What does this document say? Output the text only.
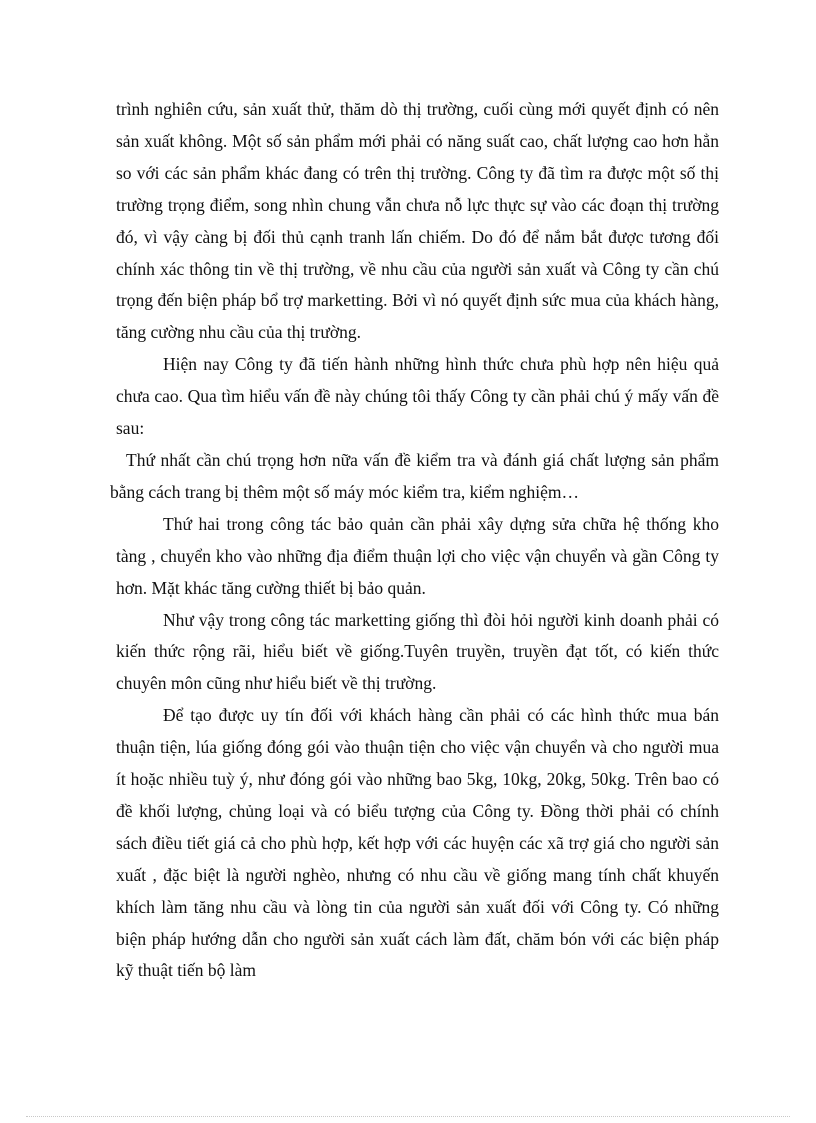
trình nghiên cứu, sản xuất thử, thăm dò thị trường, cuối cùng mới quyết định có nên sản xuất không. Một số sản phẩm mới phải có năng suất cao, chất lượng cao hơn hẳn so với các sản phẩm khác đang có trên thị trường. Công ty đã tìm ra được một số thị trường trọng điểm, song nhìn chung vẫn chưa nỗ lực thực sự vào các đoạn thị trường đó, vì vậy càng bị đối thủ cạnh tranh lấn chiếm. Do đó để nắm bắt được tương đối chính xác thông tin về thị trường, về nhu cầu của người sản xuất và Công ty cần chú trọng đến biện pháp bổ trợ marketting. Bởi vì nó quyết định sức mua của khách hàng, tăng cường nhu cầu của thị trường.

Hiện nay Công ty đã tiến hành những hình thức chưa phù hợp nên hiệu quả chưa cao. Qua tìm hiểu vấn đề này chúng tôi thấy Công ty cần phải chú ý mấy vấn đề sau:

Thứ nhất cần chú trọng hơn nữa vấn đề kiểm tra và đánh giá chất lượng sản phẩm bằng cách trang bị thêm một số máy móc kiểm tra, kiểm nghiệm…

Thứ hai trong công tác bảo quản cần phải xây dựng sửa chữa hệ thống kho tàng , chuyển kho vào những địa điểm thuận lợi cho việc vận chuyển và gần Công ty hơn. Mặt khác tăng cường thiết bị bảo quản.

Như vậy trong công tác marketting giống thì đòi hỏi người kinh doanh phải có kiến thức rộng rãi, hiểu biết về giống.Tuyên truyền, truyền đạt tốt, có kiến thức chuyên môn cũng như hiểu biết về thị trường.

Để tạo được uy tín đối với khách hàng cần phải có các hình thức mua bán thuận tiện, lúa giống đóng gói vào thuận tiện cho việc vận chuyển và cho người mua ít hoặc nhiều tuỳ ý, như đóng gói vào những bao 5kg, 10kg, 20kg, 50kg. Trên bao có đề khối lượng, chủng loại và có biểu tượng của Công ty. Đồng thời phải có chính sách điều tiết giá cả cho phù hợp, kết hợp với các huyện các xã trợ giá cho người sản xuất , đặc biệt là người nghèo, nhưng có nhu cầu về giống mang tính chất khuyến khích làm tăng nhu cầu và lòng tin của người sản xuất đối với Công ty. Có những biện pháp hướng dẫn cho người sản xuất cách làm đất, chăm bón với các biện pháp kỹ thuật tiến bộ làm
